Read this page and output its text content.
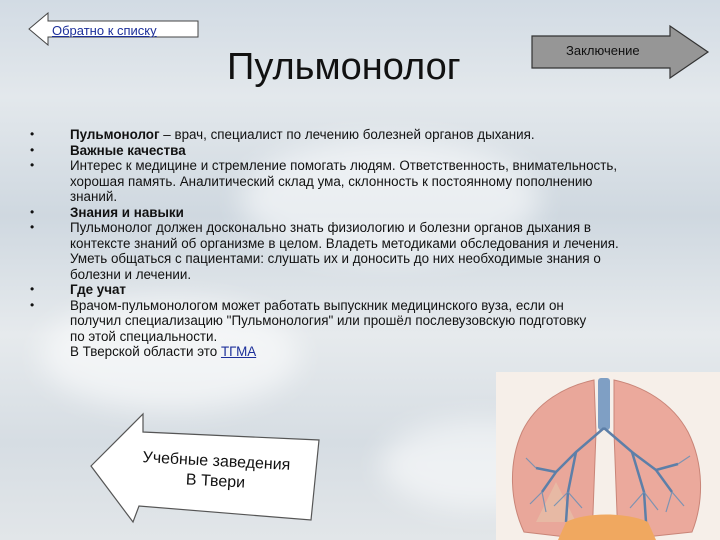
Обратно к списку
Пульмонолог	Заключение
• Пульмонолог – врач, специалист по лечению болезней органов дыхания.
• Важные качества
• Интерес к медицине и стремление помогать людям. Ответственность, внимательность, хорошая память. Аналитический склад ума, склонность к постоянному пополнению знаний.
• Знания и навыки
• Пульмонолог должен досконально знать физиологию и болезни органов дыхания в контексте знаний об организме в целом. Владеть методиками обследования и лечения. Уметь общаться с пациентами: слушать их и доносить до них необходимые знания о болезни и лечении.
• Где учат
• Врачом-пульмонологом может работать выпускник медицинского вуза, если он получил специализацию "Пульмонология" или прошёл послевузовскую подготовку по этой специальности.
В Тверской области это ТГМА
Учебные заведения
В Твери
